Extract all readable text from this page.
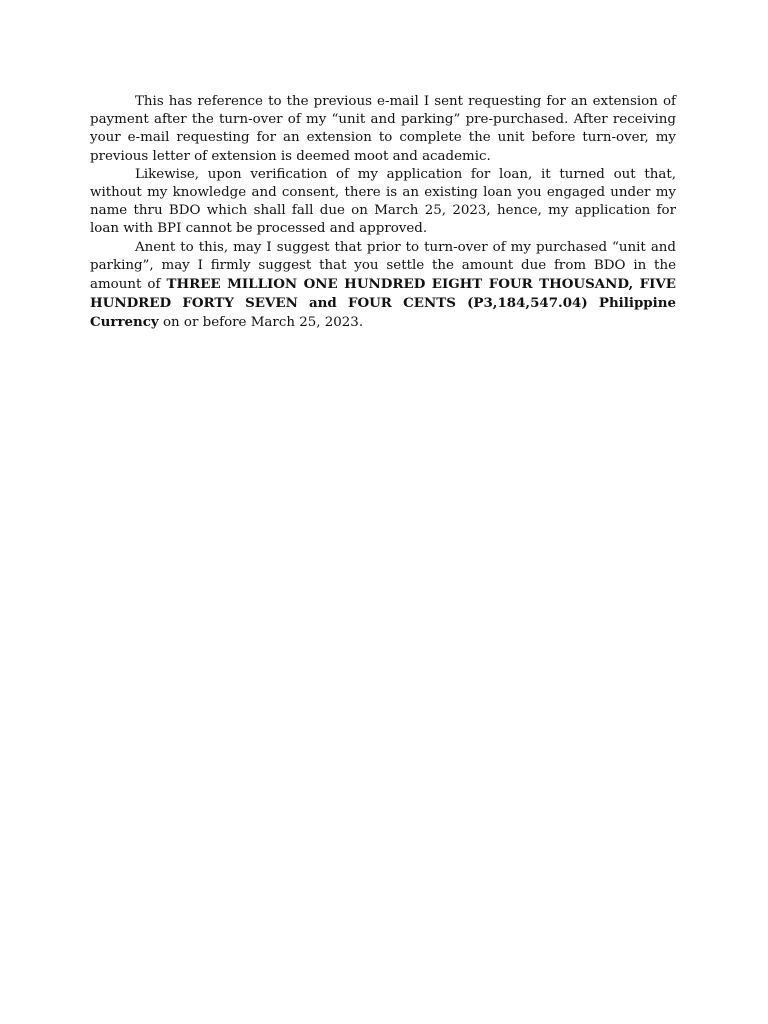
This has reference to the previous e-mail I sent requesting for an extension of payment after the turn-over of my “unit and parking” pre-purchased. After receiving your e-mail requesting for an extension to complete the unit before turn-over, my previous letter of extension is deemed moot and academic.

Likewise, upon verification of my application for loan, it turned out that, without my knowledge and consent, there is an existing loan you engaged under my name thru BDO which shall fall due on March 25, 2023, hence, my application for loan with BPI cannot be processed and approved.

Anent to this, may I suggest that prior to turn-over of my purchased “unit and parking”, may I firmly suggest that you settle the amount due from BDO in the amount of THREE MILLION ONE HUNDRED EIGHT FOUR THOUSAND, FIVE HUNDRED FORTY SEVEN and FOUR CENTS (P3,184,547.04) Philippine Currency on or before March 25, 2023.
